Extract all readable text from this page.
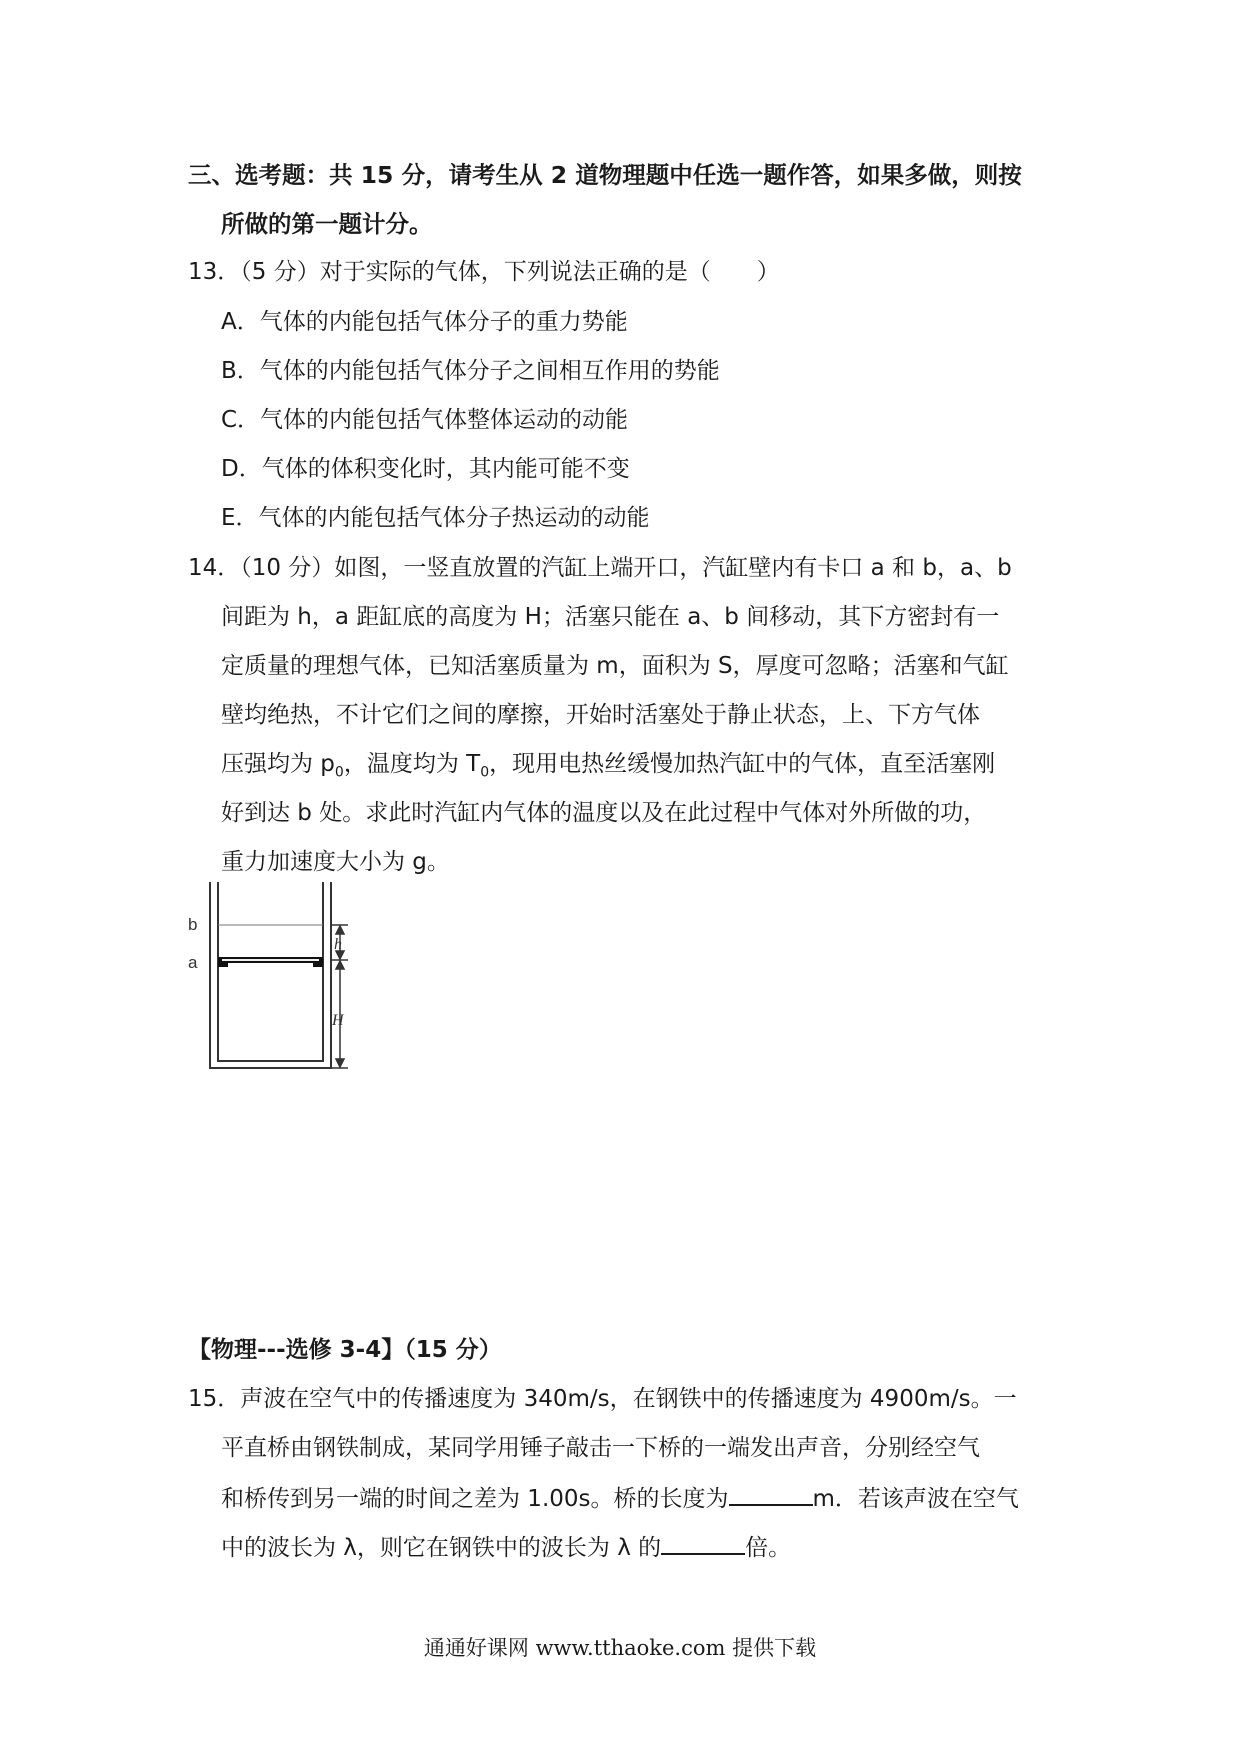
三、选考题：共 15 分，请考生从 2 道物理题中任选一题作答，如果多做，则按
所做的第一题计分。
13．（5 分）对于实际的气体，下列说法正确的是（　　）
A．气体的内能包括气体分子的重力势能
B．气体的内能包括气体分子之间相互作用的势能
C．气体的内能包括气体整体运动的动能
D．气体的体积变化时，其内能可能不变
E．气体的内能包括气体分子热运动的动能
14．（10 分）如图，一竖直放置的汽缸上端开口，汽缸壁内有卡口 a 和 b，a、b
间距为 h，a 距缸底的高度为 H；活塞只能在 a、b 间移动，其下方密封有一
定质量的理想气体，已知活塞质量为 m，面积为 S，厚度可忽略；活塞和气缸
壁均绝热，不计它们之间的摩擦，开始时活塞处于静止状态，上、下方气体
压强均为 $p_0$，温度均为 $T_0$，现用电热丝缓慢加热汽缸中的气体，直至活塞刚
好到达 b 处。求此时汽缸内气体的温度以及在此过程中气体对外所做的功，
重力加速度大小为 g。
b
a
h
H
【物理---选修 3-4】（15 分）
15．声波在空气中的传播速度为 340m/s，在钢铁中的传播速度为 4900m/s。一
平直桥由钢铁制成，某同学用锤子敲击一下桥的一端发出声音，分别经空气
和桥传到另一端的时间之差为 1.00s。桥的长度为	m．若该声波在空气
中的波长为 λ，则它在钢铁中的波长为 λ 的	倍。
通通好课网 www.tthaoke.com 提供下载
